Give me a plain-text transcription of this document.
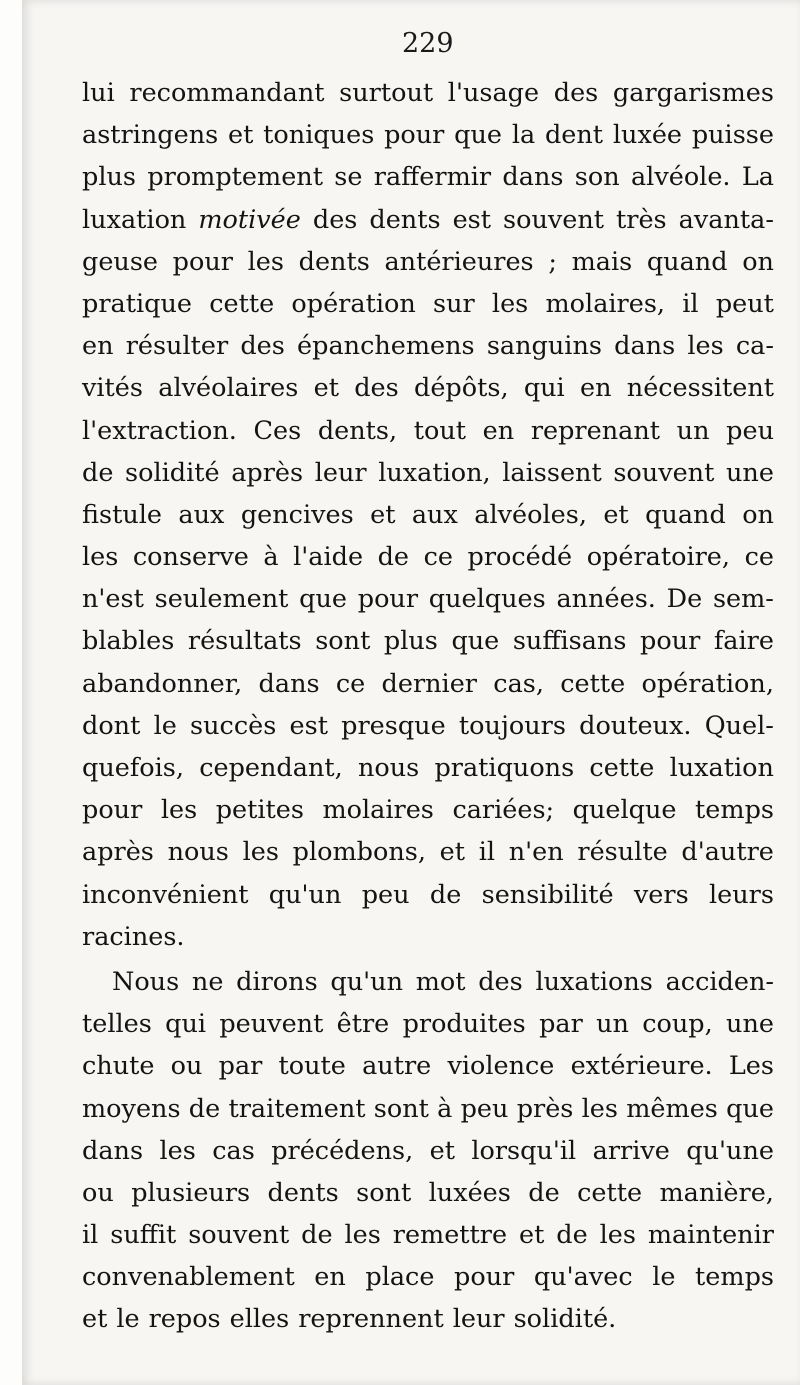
229
lui recommandant surtout l'usage des gargarismes
astringens et toniques pour que la dent luxée puisse
plus promptement se raffermir dans son alvéole. La
luxation motivée des dents est souvent très avanta-
geuse pour les dents antérieures ; mais quand on
pratique cette opération sur les molaires, il peut
en résulter des épanchemens sanguins dans les ca-
vités alvéolaires et des dépôts, qui en nécessitent
l'extraction. Ces dents, tout en reprenant un peu
de solidité après leur luxation, laissent souvent une
fistule aux gencives et aux alvéoles, et quand on
les conserve à l'aide de ce procédé opératoire, ce
n'est seulement que pour quelques années. De sem-
blables résultats sont plus que suffisans pour faire
abandonner, dans ce dernier cas, cette opération,
dont le succès est presque toujours douteux. Quel-
quefois, cependant, nous pratiquons cette luxation
pour les petites molaires cariées; quelque temps
après nous les plombons, et il n'en résulte d'autre
inconvénient qu'un peu de sensibilité vers leurs
racines.
Nous ne dirons qu'un mot des luxations acciden-
telles qui peuvent être produites par un coup, une
chute ou par toute autre violence extérieure. Les
moyens de traitement sont à peu près les mêmes que
dans les cas précédens, et lorsqu'il arrive qu'une
ou plusieurs dents sont luxées de cette manière,
il suffit souvent de les remettre et de les maintenir
convenablement en place pour qu'avec le temps
et le repos elles reprennent leur solidité.
